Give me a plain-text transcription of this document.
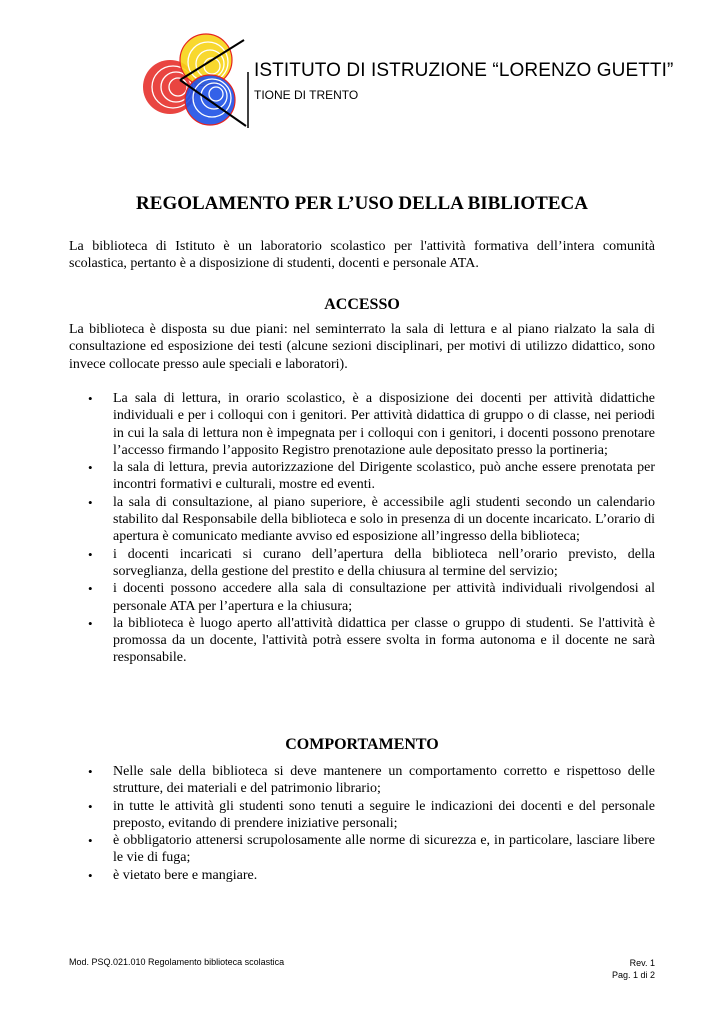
ISTITUTO DI ISTRUZIONE “LORENZO GUETTI”
TIONE DI TRENTO
REGOLAMENTO PER L’USO DELLA BIBLIOTECA
La biblioteca di Istituto è un laboratorio scolastico per l'attività formativa dell’intera comunità scolastica, pertanto è a disposizione di studenti, docenti e personale ATA.
ACCESSO
La biblioteca è disposta su due piani: nel seminterrato la sala di lettura e al piano rialzato la sala di consultazione ed esposizione dei testi (alcune sezioni disciplinari, per motivi di utilizzo didattico, sono invece collocate presso aule speciali e laboratori).
• La sala di lettura, in orario scolastico, è a disposizione dei docenti per attività didattiche individuali e per i colloqui con i genitori. Per attività didattica di gruppo o di classe, nei periodi in cui la sala di lettura non è impegnata per i colloqui con i genitori, i docenti possono prenotare l’accesso firmando l’apposito Registro prenotazione aule depositato presso la portineria;
• la sala di lettura, previa autorizzazione del Dirigente scolastico, può anche essere prenotata per incontri formativi e culturali, mostre ed eventi.
• la sala di consultazione, al piano superiore, è accessibile agli studenti secondo un calendario stabilito dal Responsabile della biblioteca e solo in presenza di un docente incaricato. L’orario di apertura è comunicato mediante avviso ed esposizione all’ingresso della biblioteca;
• i docenti incaricati si curano dell’apertura della biblioteca nell’orario previsto, della sorveglianza, della gestione del prestito e della chiusura al termine del servizio;
• i docenti possono accedere alla sala di consultazione per attività individuali rivolgendosi al personale ATA per l’apertura e la chiusura;
• la biblioteca è luogo aperto all'attività didattica per classe o gruppo di studenti. Se l'attività è promossa da un docente, l'attività potrà essere svolta in forma autonoma e il docente ne sarà responsabile.
COMPORTAMENTO
• Nelle sale della biblioteca si deve mantenere un comportamento corretto e rispettoso delle strutture, dei materiali e del patrimonio librario;
• in tutte le attività gli studenti sono tenuti a seguire le indicazioni dei docenti e del personale preposto, evitando di prendere iniziative personali;
• è obbligatorio attenersi scrupolosamente alle norme di sicurezza e, in particolare, lasciare libere le vie di fuga;
• è vietato bere e mangiare.
Mod. PSQ.021.010 Regolamento biblioteca scolastica	Rev. 1
Pag. 1 di 2
